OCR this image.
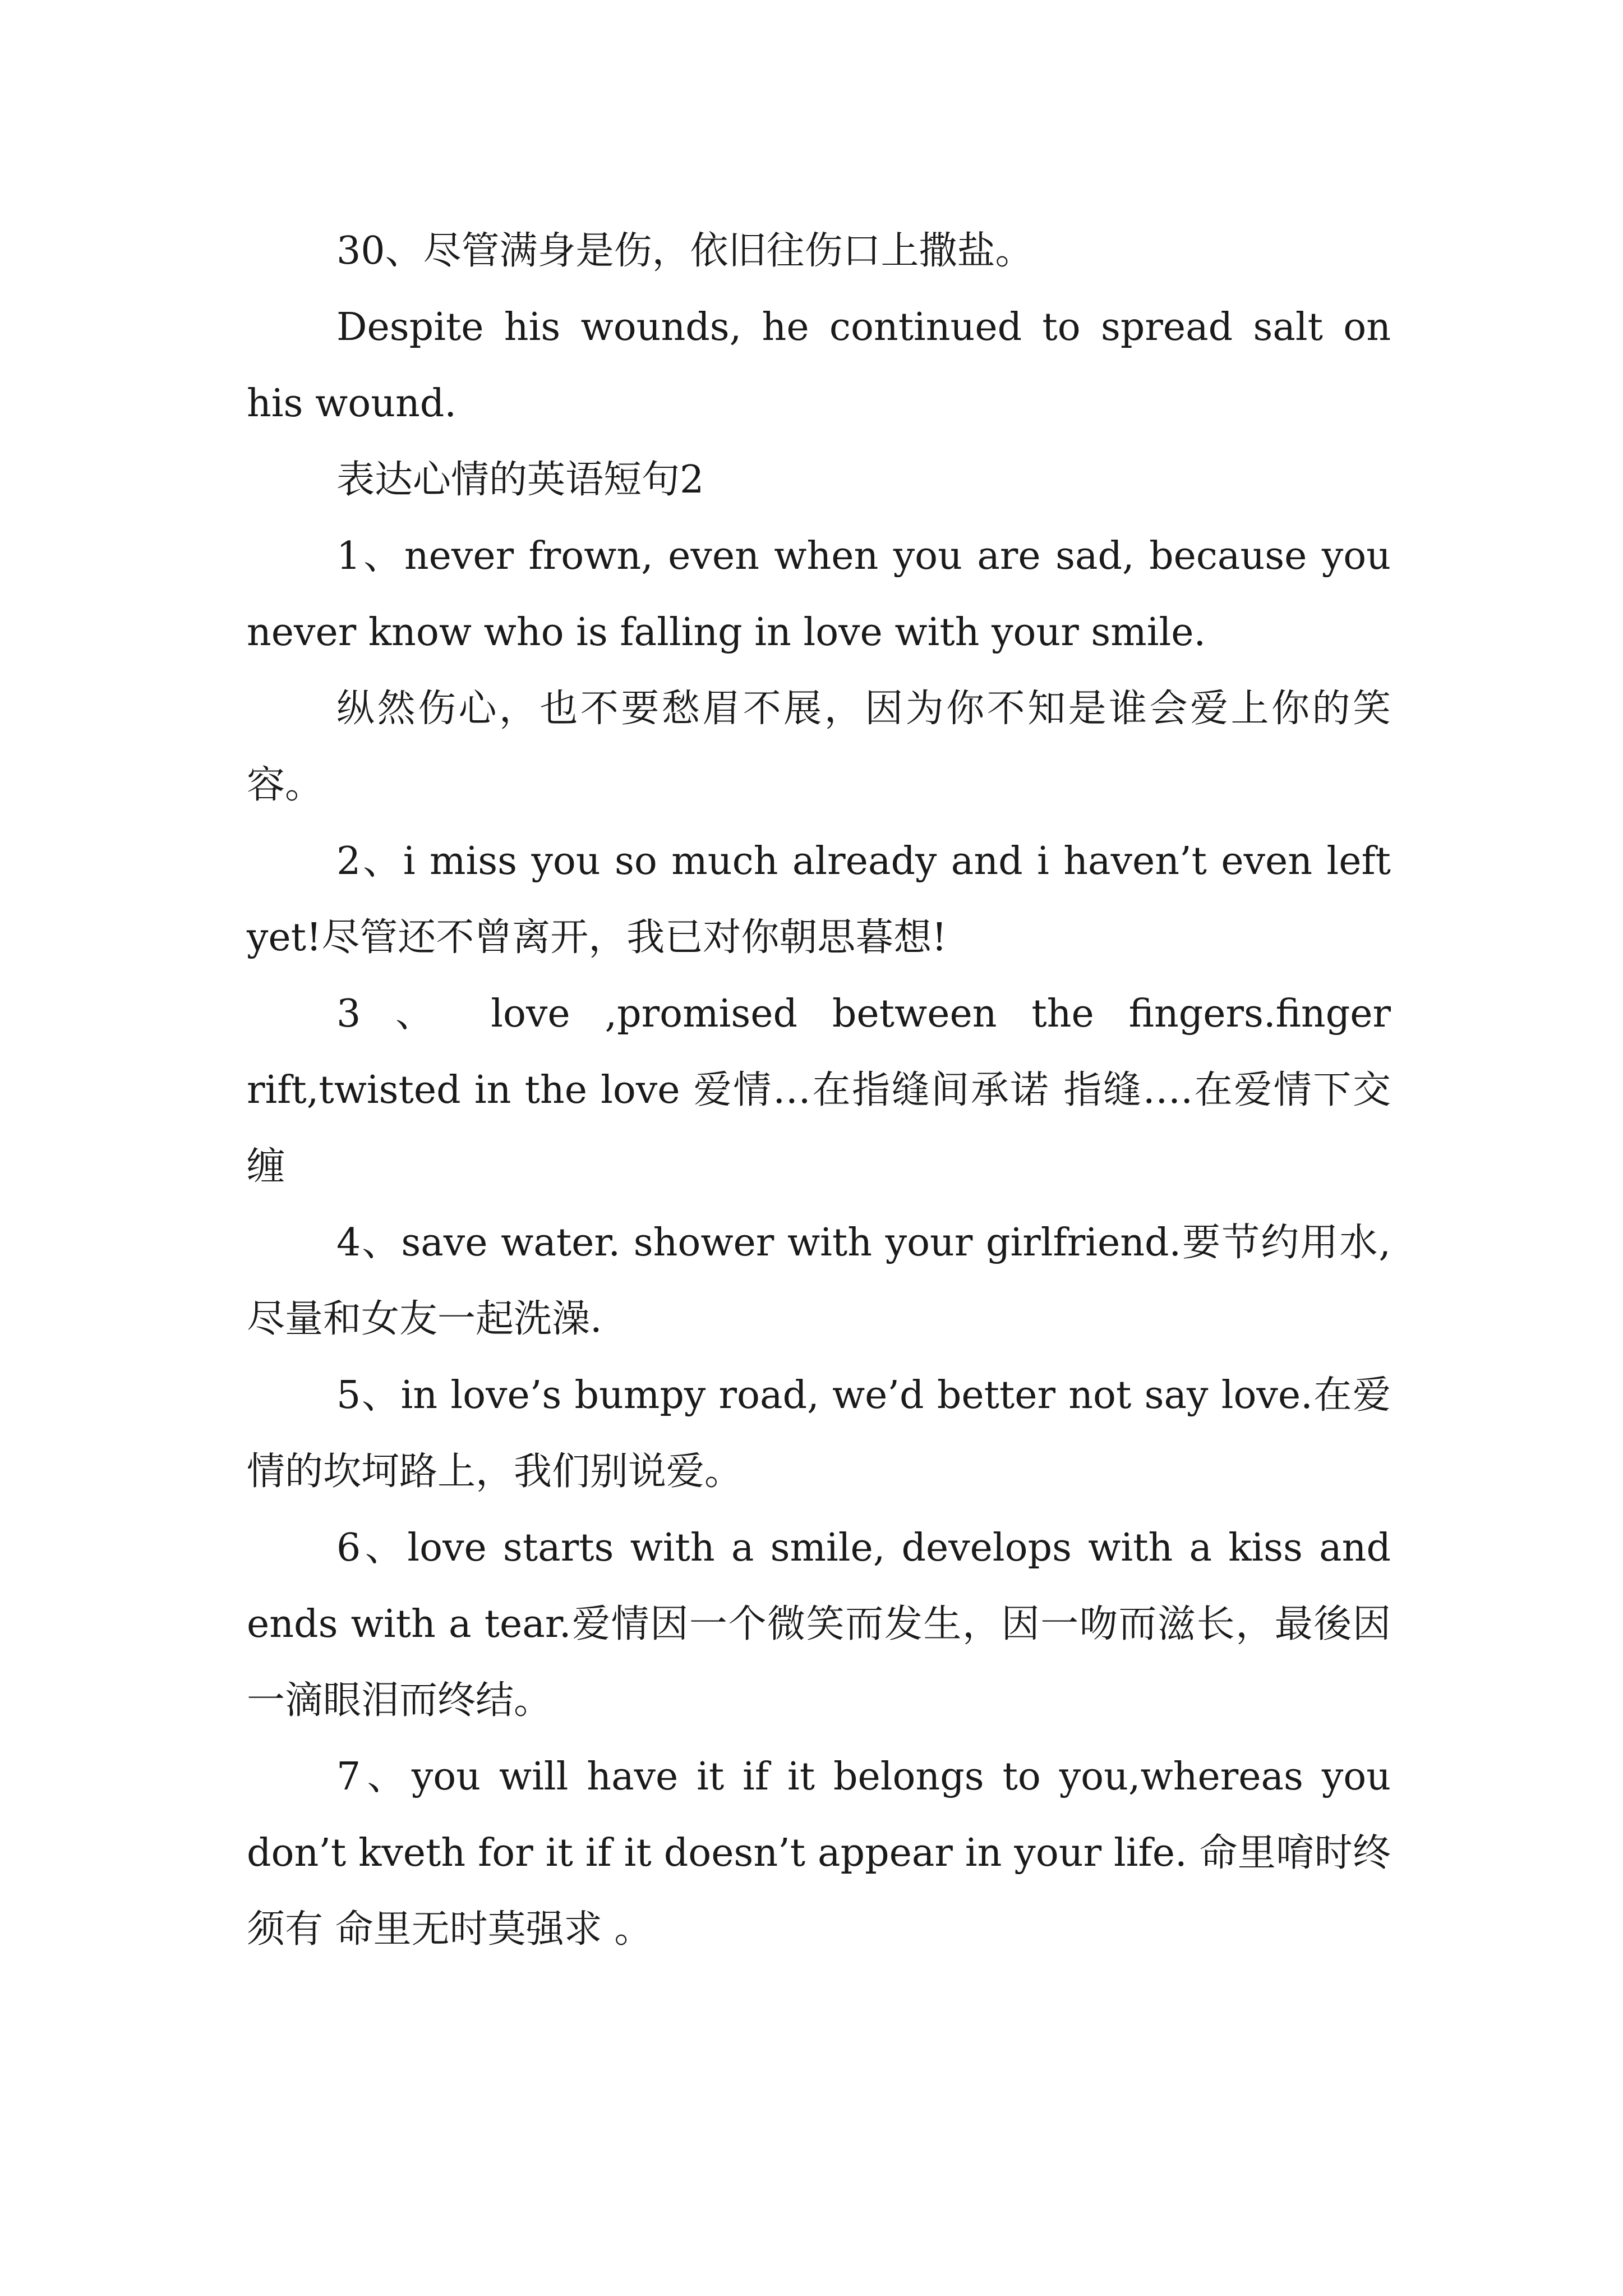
30、尽管满身是伤，依旧往伤口上撒盐。

Despite his wounds, he continued to spread salt on his wound.

表达心情的英语短句2

1、never frown, even when you are sad, because you never know who is falling in love with your smile.

纵然伤心，也不要愁眉不展，因为你不知是谁会爱上你的笑容。

2、i miss you so much already and i haven’t even left yet!尽管还不曾离开，我已对你朝思暮想!

3 、 love ,promised between the fingers.finger rift,twisted in the love 爱情…在指缝间承诺 指缝….在爱情下交缠

4、save water. shower with your girlfriend.要节约用水,尽量和女友一起洗澡.

5、in love’s bumpy road, we’d better not say love.在爱情的坎坷路上，我们别说爱。

6、love starts with a smile, develops with a kiss and ends with a tear.爱情因一个微笑而发生，因一吻而滋长，最後因一滴眼泪而终结。

7、you will have it if it belongs to you,whereas you don’t kveth for it if it doesn’t appear in your life. 命里唷时终须有 命里无时莫强求 。
